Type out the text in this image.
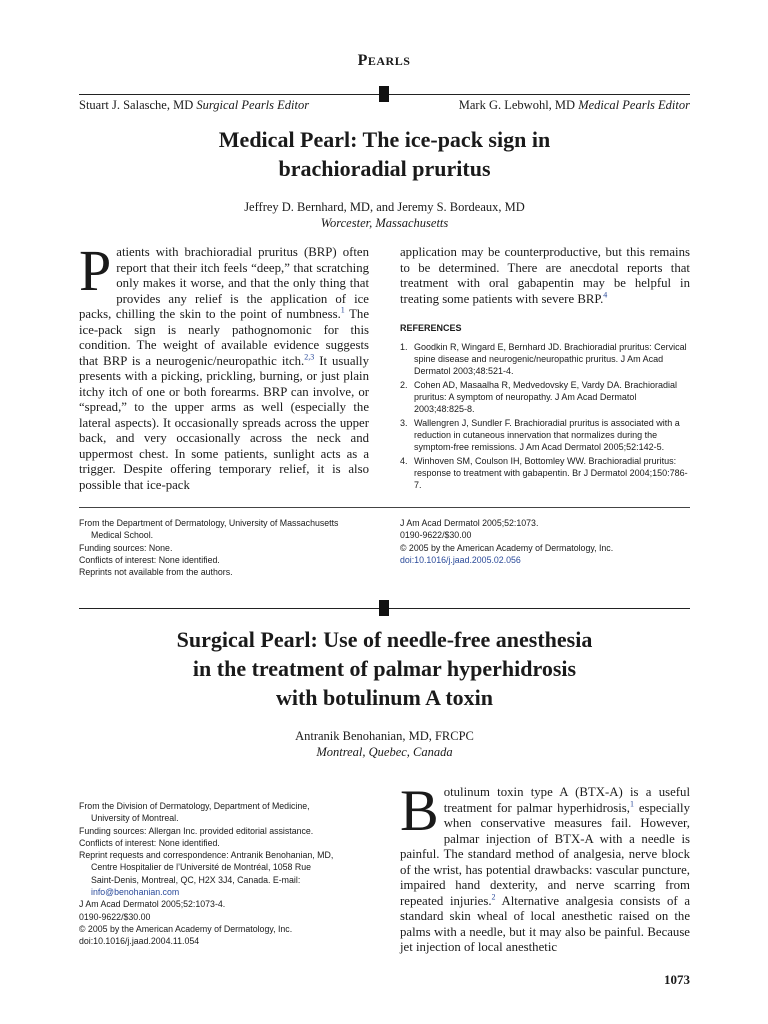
PEARLS
Stuart J. Salasche, MD Surgical Pearls Editor	Mark G. Lebwohl, MD Medical Pearls Editor
Medical Pearl: The ice-pack sign in
brachioradial pruritus
Jeffrey D. Bernhard, MD, and Jeremy S. Bordeaux, MD
Worcester, Massachusetts
Patients with brachioradial pruritus (BRP) often report that their itch feels “deep,” that scratching only makes it worse, and that the only thing that provides any relief is the application of ice packs, chilling the skin to the point of numbness.$^1$ The ice-pack sign is nearly pathognomonic for this condition. The weight of available evidence suggests that BRP is a neurogenic/neuropathic itch.$^{2,3}$ It usually presents with a picking, prickling, burning, or just plain itchy itch of one or both forearms. BRP can involve, or “spread,” to the upper arms as well (especially the lateral aspects). It occasionally spreads across the upper back, and very occasionally across the neck and uppermost chest. In some patients, sunlight acts as a trigger. Despite offering temporary relief, it is also possible that ice-pack
application may be counterproductive, but this remains to be determined. There are anecdotal reports that treatment with oral gabapentin may be helpful in treating some patients with severe BRP.$^4$
REFERENCES
1. Goodkin R, Wingard E, Bernhard JD. Brachioradial pruritus: Cervical spine disease and neurogenic/neuropathic pruritus. J Am Acad Dermatol 2003;48:521-4.
2. Cohen AD, Masaalha R, Medvedovsky E, Vardy DA. Brachioradial pruritus: A symptom of neuropathy. J Am Acad Dermatol 2003;48:825-8.
3. Wallengren J, Sundler F. Brachioradial pruritus is associated with a reduction in cutaneous innervation that normalizes during the symptom-free remissions. J Am Acad Dermatol 2005;52:142-5.
4. Winhoven SM, Coulson IH, Bottomley WW. Brachioradial pruritus: response to treatment with gabapentin. Br J Dermatol 2004;150:786-7.
From the Department of Dermatology, University of Massachusetts
Medical School.
Funding sources: None.
Conflicts of interest: None identified.
Reprints not available from the authors.
J Am Acad Dermatol 2005;52:1073.
0190-9622/$30.00
© 2005 by the American Academy of Dermatology, Inc.
doi:10.1016/j.jaad.2005.02.056
Surgical Pearl: Use of needle-free anesthesia
in the treatment of palmar hyperhidrosis
with botulinum A toxin
Antranik Benohanian, MD, FRCPC
Montreal, Quebec, Canada
From the Division of Dermatology, Department of Medicine,
University of Montreal.
Funding sources: Allergan Inc. provided editorial assistance.
Conflicts of interest: None identified.
Reprint requests and correspondence: Antranik Benohanian, MD,
Centre Hospitalier de l’Université de Montréal, 1058 Rue
Saint-Denis, Montreal, QC, H2X 3J4, Canada. E-mail:
info@benohanian.com
J Am Acad Dermatol 2005;52:1073-4.
0190-9622/$30.00
© 2005 by the American Academy of Dermatology, Inc.
doi:10.1016/j.jaad.2004.11.054
Botulinum toxin type A (BTX-A) is a useful treatment for palmar hyperhidrosis,$^1$ especially when conservative measures fail. However, palmar injection of BTX-A with a needle is painful. The standard method of analgesia, nerve block of the wrist, has potential drawbacks: vascular puncture, impaired hand dexterity, and nerve scarring from repeated injuries.$^2$ Alternative analgesia consists of a standard skin wheal of local anesthetic raised on the palms with a needle, but it may also be painful. Because jet injection of local anesthetic
1073
